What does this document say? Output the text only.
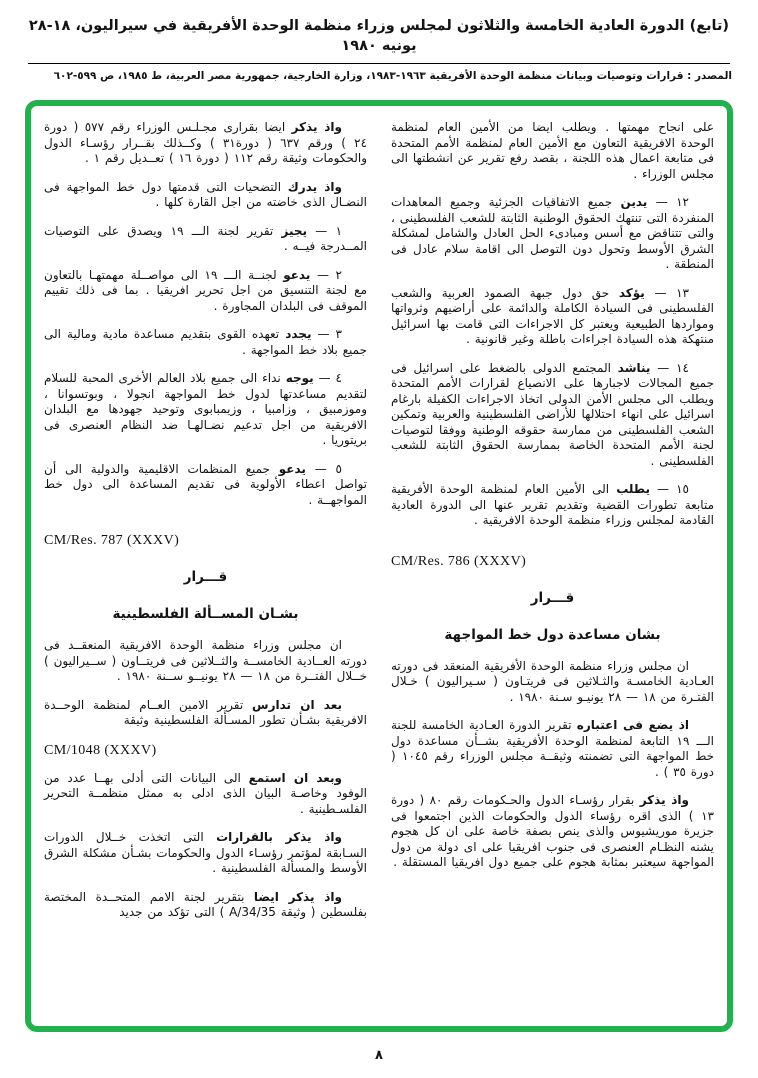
(تابع) الدورة العادية الخامسة والثلاثون لمجلس وزراء منظمة الوحدة الأفريقية في سيراليون، ١٨-٢٨ يونيه ١٩٨٠
المصدر : قرارات وتوصيات وبيانات منظمة الوحدة الأفريقية ١٩٦٣-١٩٨٣، وزارة الخارجية، جمهورية مصر العربية، ط ١٩٨٥، ص ٥٩٩-٦٠٢

على انجاح مهمتها . ويطلب ايضا من الأمين العام لمنظمة الوحدة الافريقية التعاون مع الأمين العام لمنظمة الأمم المتحدة فى متابعة اعمال هذه اللجنة ، بقصد رفع تقرير عن انشطتها الى مجلس الوزراء .

١٢ — يدين جميع الاتفاقيات الجزئية وجميع المعاهدات المنفردة التى تنتهك الحقوق الوطنية الثابتة للشعب الفلسطينى ، والتى تتناقض مع أسس ومبادىء الحل العادل والشامل لمشكلة الشرق الأوسط وتحول دون التوصل الى اقامة سلام عادل فى المنطقة .

١٣ — يؤكد حق دول جبهة الصمود العربية والشعب الفلسطينى فى السيادة الكاملة والدائمة على أراضيهم وثرواتها ومواردها الطبيعية ويعتبر كل الاجراءات التى قامت بها اسرائيل منتهكة هذه السيادة اجراءات باطلة وغير قانونية .

١٤ — يناشد المجتمع الدولى بالضغط على اسرائيل فى جميع المجالات لاجبارها على الانصياع لقرارات الأمم المتحدة ويطلب الى مجلس الأمن الدولى اتخاذ الاجراءات الكفيلة بارغام اسرائيل على انهاء احتلالها للأراضى الفلسطينية والعربية وتمكين الشعب الفلسطينى من ممارسة حقوقه الوطنية ووفقا لتوصيات لجنة الأمم المتحدة الخاصة بممارسة الحقوق الثابتة للشعب الفلسطينى .

١٥ — يطلب الى الأمين العام لمنظمة الوحدة الأفريقية متابعة تطورات القضية وتقديم تقرير عنها الى الدورة العادية القادمة لمجلس وزراء منظمة الوحدة الافريقية .

CM/Res. 786 (XXXV)
قـــرار
بشان مساعدة دول خط المواجهة

ان مجلس وزراء منظمة الوحدة الأفريقية المنعقد فى دورته العـادية الخامسـة والثـلاثين فى فريتـاون ( سـيراليون ) خـلال الفتـرة من ١٨ — ٢٨ يونيـو سـنة ١٩٨٠ .

اذ يضع فى اعتباره تقرير الدورة العـادية الخامسة للجنة الـــ ١٩ التابعة لمنظمة الوحدة الأفريقية بشــأن مساعدة دول خط المواجهة التى تضمنته وثيقــة مجلس الوزراء رقم ١٠٤٥ ( دورة ٣٥ ) .

واذ يذكر بقرار رؤسـاء الدول والحـكومات رقم ٨٠ ( دورة ١٣ ) الذى اقره رؤساء الدول والحكومات الذين اجتمعوا فى جزيرة موريشيوس والذى ينص بصفة خاصة على ان كل هجوم يشنه النظـام العنصرى فى جنوب افريقيا على اى دولة من دول المواجهة سيعتبر بمثابة هجوم على جميع دول افريقيا المستقلة .

واذ يذكر ايضا بقرارى مجـلـس الوزراء رقم ٥٧٧ ( دورة ٢٤ ) ورقم ٦٣٧ ( دورة٣١ ) وكــذلك بقــرار رؤسـاء الدول والحكومات وثيقة رقم ١١٢ ( دورة ١٦ ) تعــديل رقم ١ .

واذ يدرك التضحيات التى قدمتها دول خط المواجهة فى النضـال الذى خاضته من اجل القارة كلها .

١ — يجيز تقرير لجنة الـــ ١٩ ويصدق على التوصيات المــدرجة فيــه .

٢ — يدعو لجنــة الـــ ١٩ الى مواصــلة مهمتهـا بالتعاون مع لجنة التنسيق من اجل تحرير افريقيا . بما فى ذلك تقييم الموقف فى البلدان المجاورة .

٣ — يجدد تعهده القوى بتقديم مساعدة مادية ومالية الى جميع بلاد خط المواجهة .

٤ — يوجه نداء الى جميع بلاد العالم الأخرى المحبة للسلام لتقديم مساعدتها لدول خط المواجهة انجولا ، وبوتسوانا ، وموزمبيق ، وزامبيا ، وزيمبابوى وتوحيد جهودها مع البلدان الافريقية من اجل تدعيم نضـالهـا ضد النظام العنصرى فى بريتوريا .

٥ — يدعو جميع المنظمات الاقليمية والدولية الى أن تواصل اعطاء الأولوية فى تقديم المساعدة الى دول خط المواجهــة .

CM/Res. 787 (XXXV)
قـــرار
بشـان المســألة الفلسطينية

ان مجلس وزراء منظمة الوحدة الافريقية المنعقــد فى دورته العــادية الخامســة والثــلاثين فى فريتــاون ( ســيراليون ) خــلال الفتــرة من ١٨ — ٢٨ يونيــو ســنة ١٩٨٠ .

بعد ان تدارس تقرير الامين العــام لمنظمة الوحــدة الافريقية بشـأن تطور المسـألة الفلسطينية وثيقة

CM/1048 (XXXV)

وبعد ان استمع الى البيانات التى أدلى بهــا عدد من الوفود وخاصـة البيان الذى ادلى به ممثل منظمــة التحرير الفلسـطينية .

واذ يذكر بالقرارات التى اتخذت خــلال الدورات السـابقة لمؤتمر رؤسـاء الدول والحكومات بشـأن مشكلة الشرق الأوسط والمسألة الفلسطينية .

واذ يذكر ايضا بتقرير لجنة الامم المتحــدة المختصة بفلسطين ( وثيقة A/34/35 ) التى تؤكد من جديد

٨
